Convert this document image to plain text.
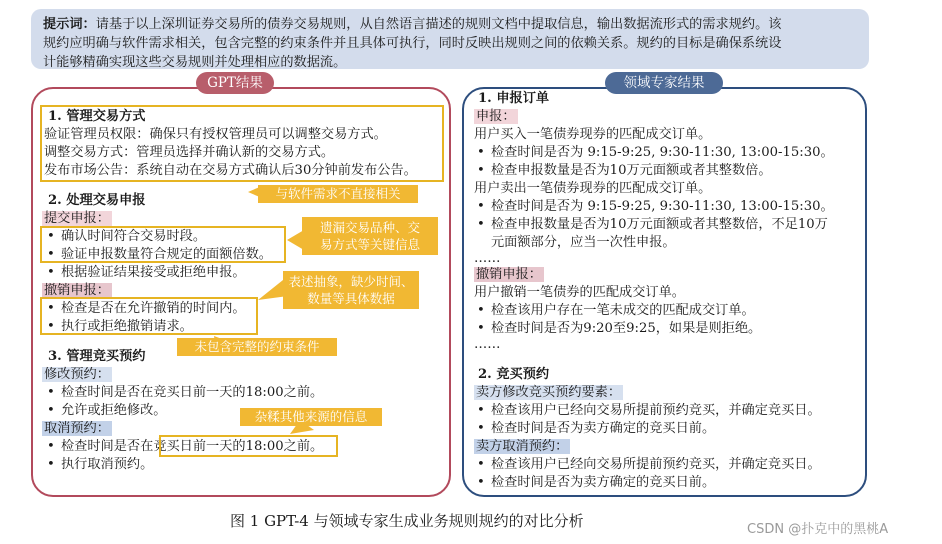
提示词：请基于以上深圳证券交易所的债券交易规则，从自然语言描述的规则文档中提取信息，输出数据流形式的需求规约。该
规约应明确与软件需求相关，包含完整的约束条件并且具体可执行，同时反映出规则之间的依赖关系。规约的目标是确保系统设
计能够精确实现这些交易规则并处理相应的数据流。
GPT结果	领域专家结果
1. 管理交易方式
验证管理员权限：确保只有授权管理员可以调整交易方式。
调整交易方式：管理员选择并确认新的交易方式。
发布市场公告：系统自动在交易方式确认后30分钟前发布公告。
2. 处理交易申报
提交申报：
• 确认时间符合交易时段。
• 验证申报数量符合规定的面额倍数。
• 根据验证结果接受或拒绝申报。
撤销申报：
• 检查是否在允许撤销的时间内。
• 执行或拒绝撤销请求。
3. 管理竞买预约
修改预约：
• 检查时间是否在竞买日前一天的18:00之前。
• 允许或拒绝修改。
取消预约：
• 检查时间是否在竞买日前一天的18:00之前。
• 执行取消预约。
与软件需求不直接相关
遗漏交易品种、交
易方式等关键信息
表述抽象，缺少时间、
数量等具体数据
未包含完整的约束条件
杂糅其他来源的信息
1. 申报订单
申报：
用户买入一笔债券现券的匹配成交订单。
• 检查时间是否为 9:15-9:25, 9:30-11:30, 13:00-15:30。
• 检查申报数量是否为10万元面额或者其整数倍。
用户卖出一笔债券现券的匹配成交订单。
• 检查时间是否为 9:15-9:25, 9:30-11:30, 13:00-15:30。
• 检查申报数量是否为10万元面额或者其整数倍，不足10万
元面额部分，应当一次性申报。
……
撤销申报：
用户撤销一笔债券的匹配成交订单。
• 检查该用户存在一笔未成交的匹配成交订单。
• 检查时间是否为9:20至9:25，如果是则拒绝。
……
2. 竞买预约
卖方修改竞买预约要素：
• 检查该用户已经向交易所提前预约竞买，并确定竞买日。
• 检查时间是否为卖方确定的竞买日前。
卖方取消预约：
• 检查该用户已经向交易所提前预约竞买，并确定竞买日。
• 检查时间是否为卖方确定的竞买日前。
图 1 GPT-4 与领域专家生成业务规则规约的对比分析	CSDN @扑克中的黑桃A
